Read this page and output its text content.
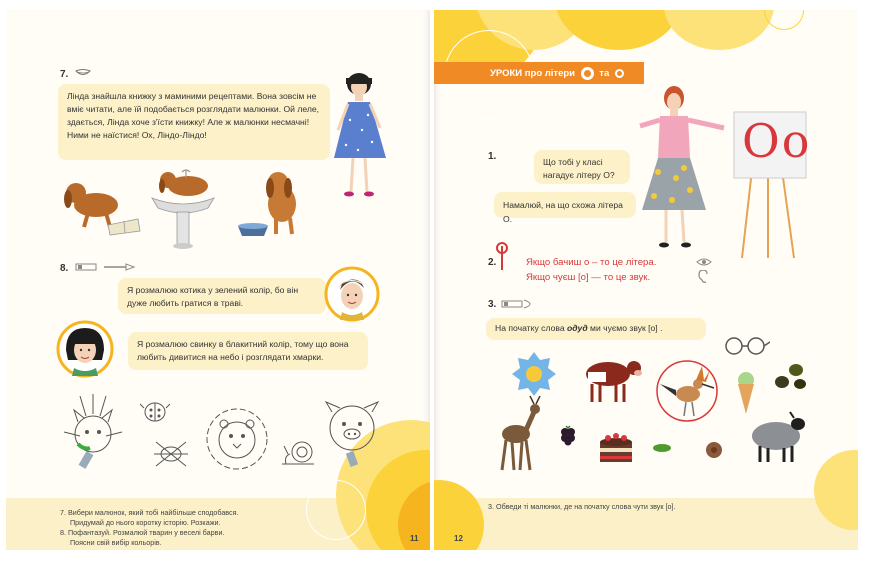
7.
Лінда знайшла книжку з маминими рецептами. Вона зовсім не вміє читати, але їй подобається розглядати малюнки. Ой леле, здається, Лінда хоче з'їсти книжку! Але ж малюнки несмачні! Ними не наїстися! Ох, Ліндо-Ліндо!
8.
Я розмалюю котика у зелений колір, бо він дуже любить гратися в траві.
Я розмалюю свинку в блакитний колір, тому що вона любить дивитися на небо і розглядати хмарки.
7. Вибери малюнок, який тобі найбільше сподобався.
Придумай до нього коротку історію. Розкажи.
8. Пофантазуй. Розмалюй тварин у веселі барви.
Поясни свій вибір кольорів.	11
УРОКИ про літери	та
Оо
1.	Що тобі у класі нагадує літеру О?
Намалюй, на що схожа літера О.
2.	Якщо бачиш о – то це літера.
Якщо чуєш [о] — то це звук.
3.
На початку слова одуд ми чуємо звук [о] .
3. Обведи ті малюнки, де на початку слова чути звук [о].
12
